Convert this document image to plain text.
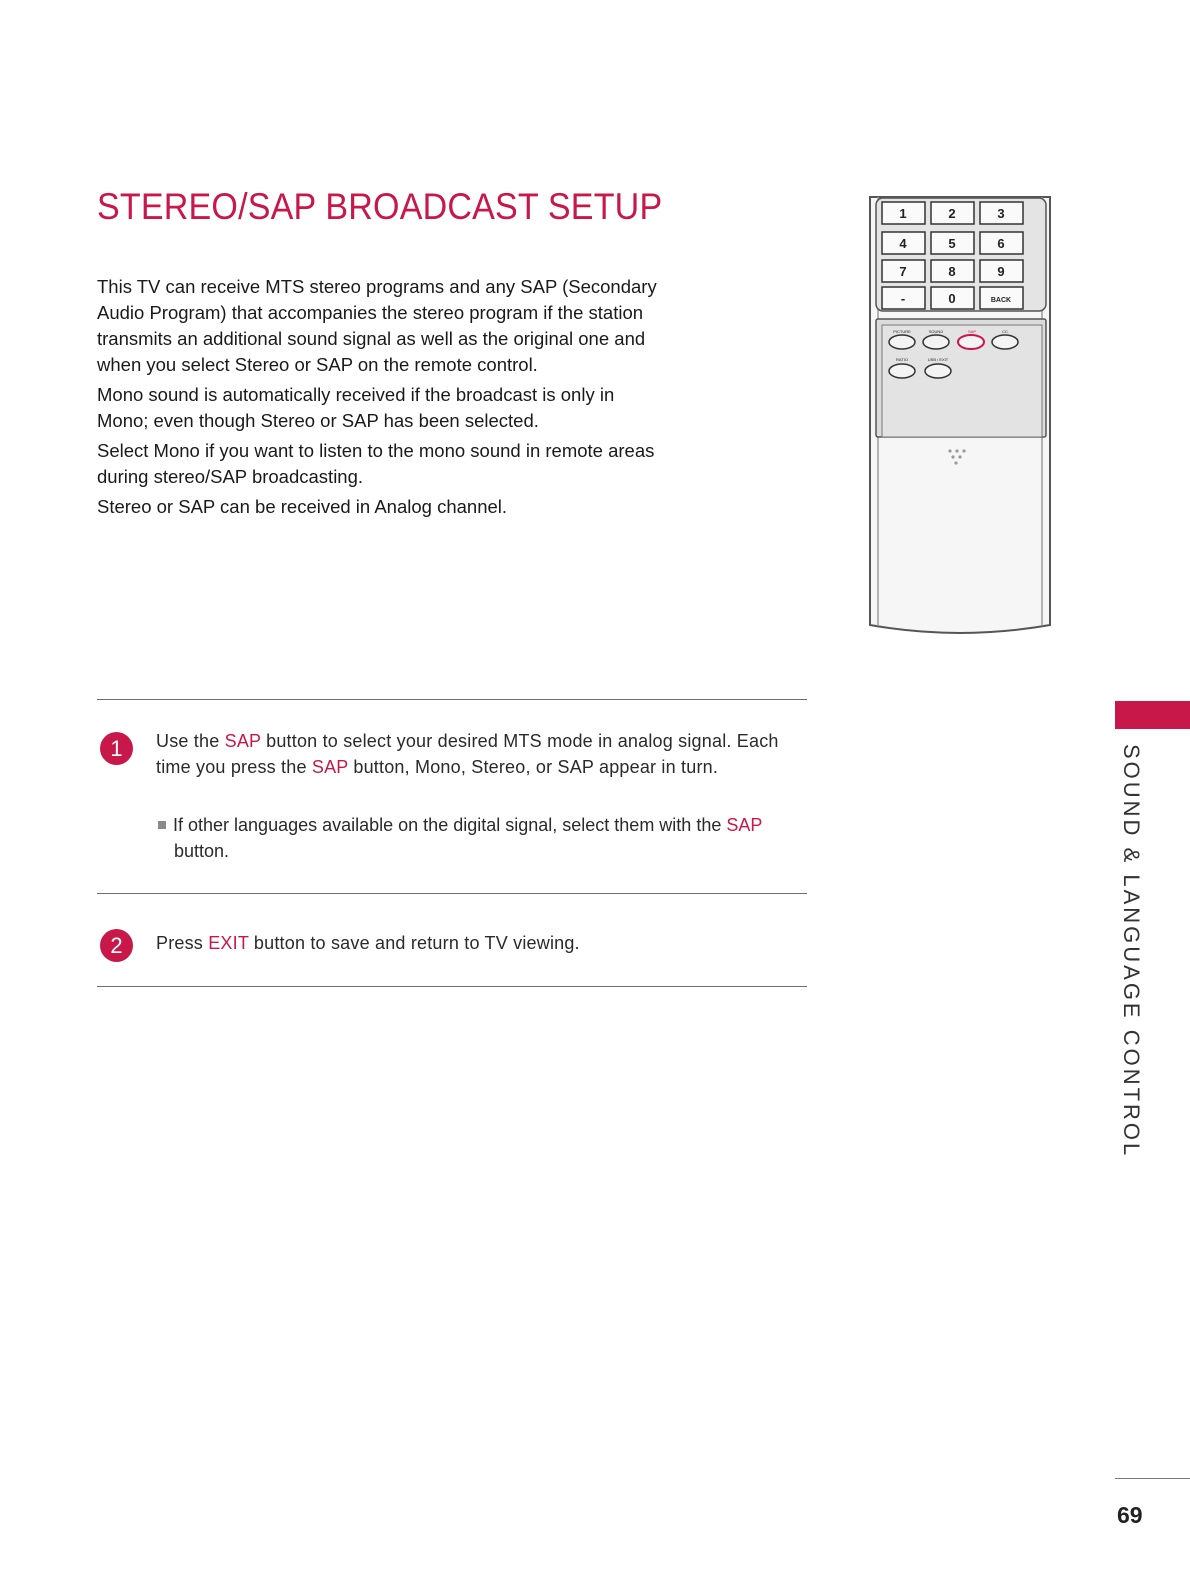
STEREO/SAP BROADCAST SETUP

This TV can receive MTS stereo programs and any SAP (Secondary Audio Program) that accompanies the stereo program if the station transmits an additional sound signal as well as the original one and when you select Stereo or SAP on the remote control.

Mono sound is automatically received if the broadcast is only in Mono; even though Stereo or SAP has been selected.

Select Mono if you want to listen to the mono sound in remote areas during stereo/SAP broadcasting.

Stereo or SAP can be received in Analog channel.

1	2	3
4	5	6
7	8	9
-	0	BACK
PICTURE	SOUND	SAP	CC
RATIO	USB / EXIT
1	Use the SAP button to select your desired MTS mode in analog signal. Each time you press the SAP button, Mono, Stereo, or SAP appear in turn.
If other languages available on the digital signal, select them with the SAP
button.
2	Press EXIT button to save and return to TV viewing.	SOUND & LANGUAGE CONTROL
69
